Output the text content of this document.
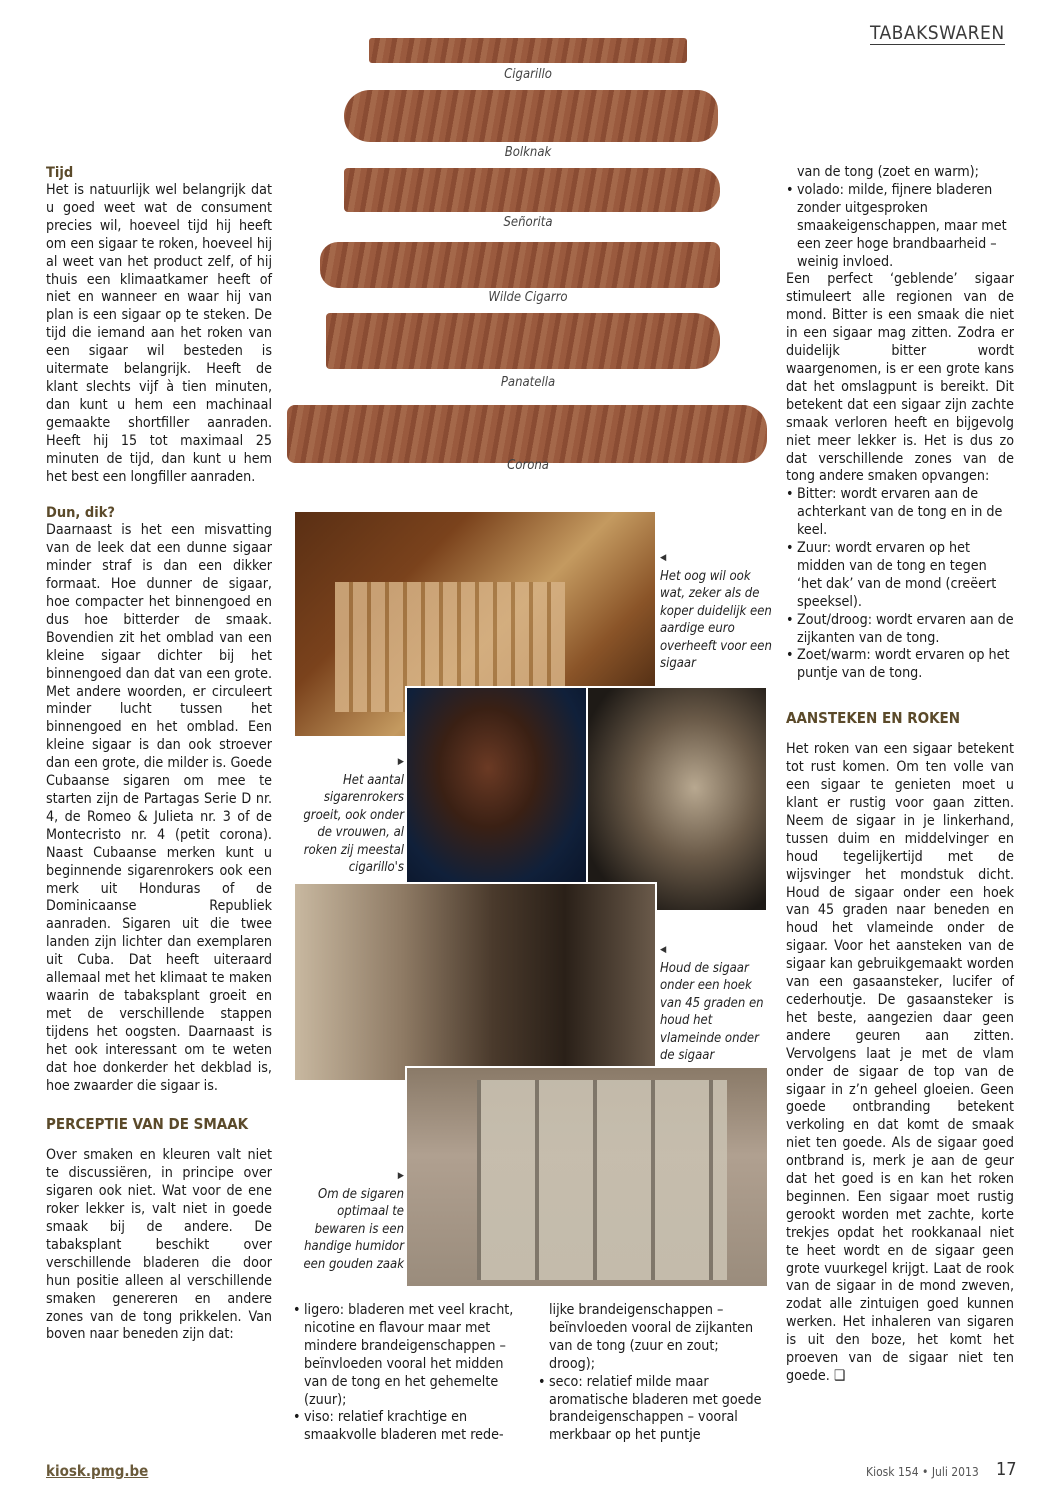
TABAKSWAREN
Cigarillo
Bolknak
Señorita
Wilde Cigarro
Panatella
Corona

Tijd

Het is natuurlijk wel belangrijk dat u goed weet wat de consument precies wil, hoeveel tijd hij heeft om een sigaar te roken, hoeveel hij al weet van het product zelf, of hij thuis een klimaatkamer heeft of niet en wanneer en waar hij van plan is een sigaar op te steken. De tijd die iemand aan het roken van een sigaar wil besteden is uitermate belangrijk. Heeft de klant slechts vijf à tien minuten, dan kunt u hem een machinaal gemaakte shortfiller aanraden. Heeft hij 15 tot maximaal 25 minuten de tijd, dan kunt u hem het best een longfiller aanraden.

Dun, dik?

Daarnaast is het een misvatting van de leek dat een dunne sigaar minder straf is dan een dikker formaat. Hoe dunner de sigaar, hoe compacter het binnengoed en dus hoe bitterder de smaak. Bovendien zit het omblad van een kleine sigaar dichter bij het binnengoed dan dat van een grote. Met andere woorden, er circuleert minder lucht tussen het binnengoed en het omblad. Een kleine sigaar is dan ook stroever dan een grote, die milder is. Goede Cubaanse sigaren om mee te starten zijn de Partagas Serie D nr. 4, de Romeo & Julieta nr. 3 of de Montecristo nr. 4 (petit corona). Naast Cubaanse merken kunt u beginnende sigarenrokers ook een merk uit Honduras of de Dominicaanse Republiek aanraden. Sigaren uit die twee landen zijn lichter dan exemplaren uit Cuba. Dat heeft uiteraard allemaal met het klimaat te maken waarin de tabaksplant groeit en met de verschillende stappen tijdens het oogsten. Daarnaast is het ook interessant om te weten dat hoe donkerder het dekblad is, hoe zwaarder die sigaar is.

PERCEPTIE VAN DE SMAAK

Over smaken en kleuren valt niet te discussiëren, in principe over sigaren ook niet. Wat voor de ene roker lekker is, valt niet in goede smaak bij de andere. De tabaksplant beschikt over verschillende bladeren die door hun positie alleen al verschillende smaken genereren en andere zones van de tong prikkelen. Van boven naar beneden zijn dat:

◀
Het oog wil ook wat, zeker als de koper duidelijk een aardige euro overheeft voor een sigaar
▶
Het aantal sigarenrokers groeit, ook onder de vrouwen, al roken zij meestal cigarillo's
◀
Houd de sigaar onder een hoek van 45 graden en houd het vlameinde onder de sigaar
▶
Om de sigaren optimaal te bewaren is een handige humidor een gouden zaak
• ligero: bladeren met veel kracht, nicotine en flavour maar met mindere brandeigenschappen – beïnvloeden vooral het midden van de tong en het gehemelte (zuur);
• viso: relatief krachtige en smaakvolle bladeren met rede-

lijke brandeigenschappen – beïnvloeden vooral de zijkanten van de tong (zuur en zout; droog);

• seco: relatief milde maar aromatische bladeren met goede brandeigenschappen – vooral merkbaar op het puntje

van de tong (zoet en warm);

• volado: milde, fijnere bladeren zonder uitgesproken smaakeigenschappen, maar met een zeer hoge brandbaarheid – weinig invloed.

Een perfect ‘geblende’ sigaar stimuleert alle regionen van de mond. Bitter is een smaak die niet in een sigaar mag zitten. Zodra er duidelijk bitter wordt waargenomen, is er een grote kans dat het omslagpunt is bereikt. Dit betekent dat een sigaar zijn zachte smaak verloren heeft en bijgevolg niet meer lekker is. Het is dus zo dat verschillende zones van de tong andere smaken opvangen:

• Bitter: wordt ervaren aan de achterkant van de tong en in de keel.
• Zuur: wordt ervaren op het midden van de tong en tegen ‘het dak’ van de mond (creëert speeksel).
• Zout/droog: wordt ervaren aan de zijkanten van de tong.
• Zoet/warm: wordt ervaren op het puntje van de tong.

AANSTEKEN EN ROKEN

Het roken van een sigaar betekent tot rust komen. Om ten volle van een sigaar te genieten moet u klant er rustig voor gaan zitten. Neem de sigaar in je linkerhand, tussen duim en middelvinger en houd tegelijkertijd met de wijsvinger het mondstuk dicht. Houd de sigaar onder een hoek van 45 graden naar beneden en houd het vlameinde onder de sigaar. Voor het aansteken van de sigaar kan gebruikgemaakt worden van een gasaansteker, lucifer of cederhoutje. De gasaansteker is het beste, aangezien daar geen andere geuren aan zitten. Vervolgens laat je met de vlam onder de sigaar de top van de sigaar in z’n geheel gloeien. Geen goede ontbranding betekent verkoling en dat komt de smaak niet ten goede. Als de sigaar goed ontbrand is, merk je aan de geur dat het goed is en kan het roken beginnen. Een sigaar moet rustig gerookt worden met zachte, korte trekjes opdat het rookkanaal niet te heet wordt en de sigaar geen grote vuurkegel krijgt. Laat de rook van de sigaar in de mond zweven, zodat alle zintuigen goed kunnen werken. Het inhaleren van sigaren is uit den boze, het komt het proeven van de sigaar niet ten goede. ❑

kiosk.pmg.be	Kiosk 154 • Juli 2013 17
